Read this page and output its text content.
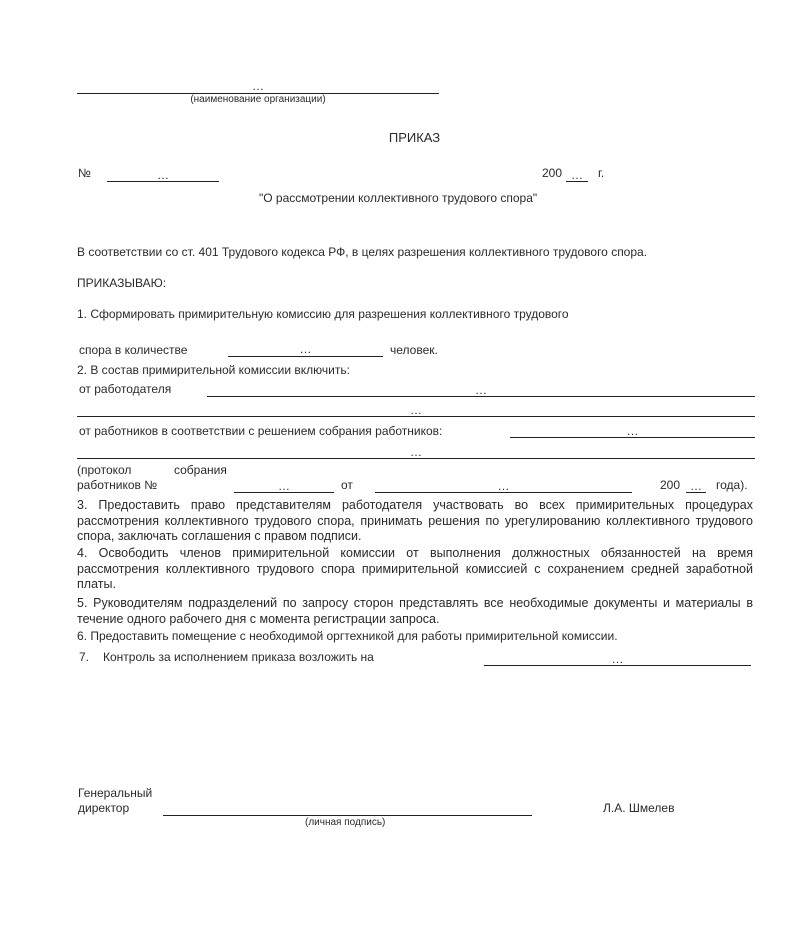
…
(наименование организации)
ПРИКАЗ
№	…	200 …	г.
"О рассмотрении коллективного трудового спора"
В соответствии со ст. 401 Трудового кодекса РФ, в целях разрешения коллективного трудового спора.
ПРИКАЗЫВАЮ:
1. Сформировать примирительную комиссию для разрешения коллективного трудового
спора в количестве	…	человек.
2. В состав примирительной комиссии включить:
от работодателя	…
…
от работников в соответствии с решением собрания работников:	…
…
(протокол	собрания
работников №	…	от	…	200 …	года).
3. Предоставить право представителям работодателя участвовать во всех примирительных процедурах рассмотрения коллективного трудового спора, принимать решения по урегулированию коллективного трудового спора, заключать соглашения с правом подписи.
4. Освободить членов примирительной комиссии от выполнения должностных обязанностей на время рассмотрения коллективного трудового спора примирительной комиссией с сохранением средней заработной платы.
5. Руководителям подразделений по запросу сторон представлять все необходимые документы и материалы в течение одного рабочего дня с момента регистрации запроса.
6. Предоставить помещение с необходимой оргтехникой для работы примирительной комиссии.
7. Контроль за исполнением приказа возложить на	…
Генеральный
директор
(личная подпись)
Л.А. Шмелев
